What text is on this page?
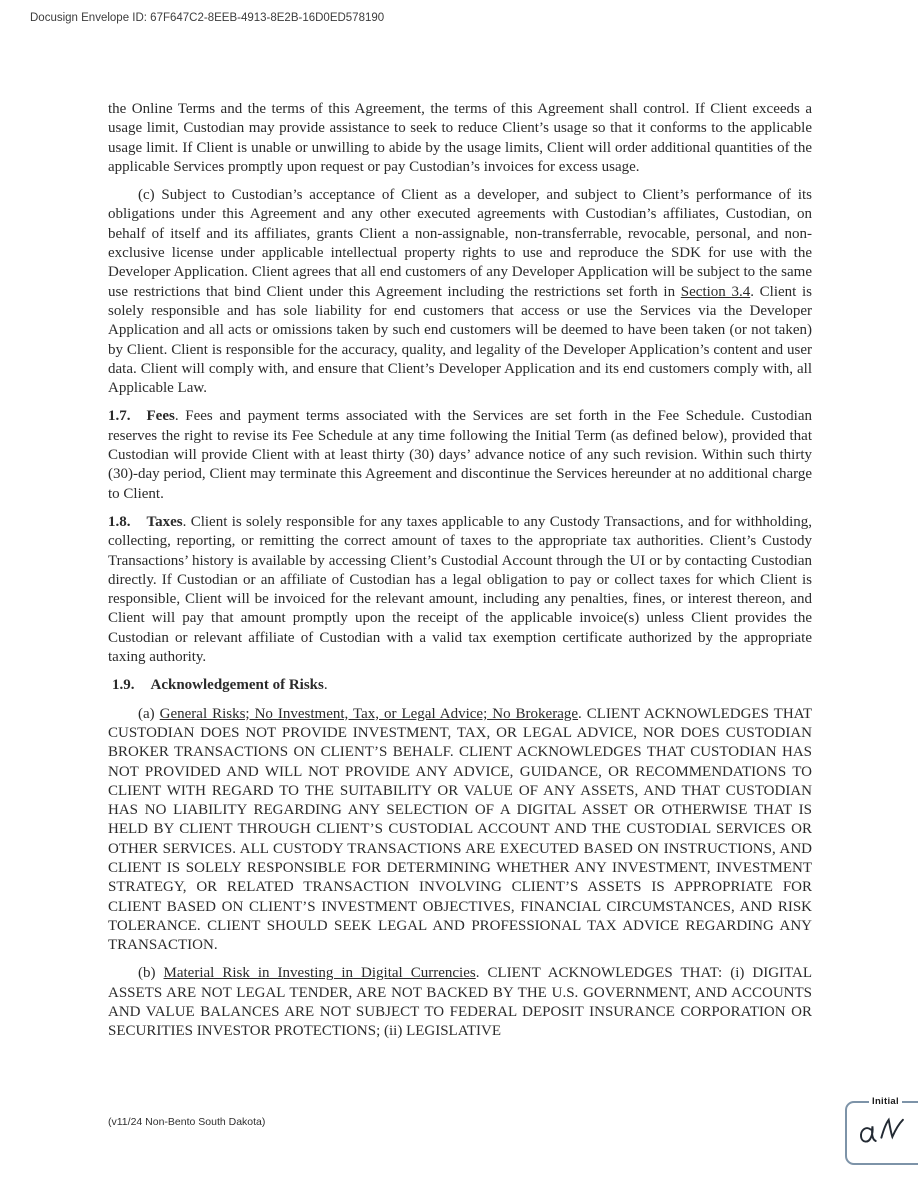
Docusign Envelope ID: 67F647C2-8EEB-4913-8E2B-16D0ED578190

the Online Terms and the terms of this Agreement, the terms of this Agreement shall control. If Client exceeds a usage limit, Custodian may provide assistance to seek to reduce Client’s usage so that it conforms to the applicable usage limit. If Client is unable or unwilling to abide by the usage limits, Client will order additional quantities of the applicable Services promptly upon request or pay Custodian’s invoices for excess usage.

(c) Subject to Custodian’s acceptance of Client as a developer, and subject to Client’s performance of its obligations under this Agreement and any other executed agreements with Custodian’s affiliates, Custodian, on behalf of itself and its affiliates, grants Client a non-assignable, non-transferrable, revocable, personal, and non-exclusive license under applicable intellectual property rights to use and reproduce the SDK for use with the Developer Application. Client agrees that all end customers of any Developer Application will be subject to the same use restrictions that bind Client under this Agreement including the restrictions set forth in Section 3.4. Client is solely responsible and has sole liability for end customers that access or use the Services via the Developer Application and all acts or omissions taken by such end customers will be deemed to have been taken (or not taken) by Client. Client is responsible for the accuracy, quality, and legality of the Developer Application’s content and user data. Client will comply with, and ensure that Client’s Developer Application and its end customers comply with, all Applicable Law.

1.7. Fees. Fees and payment terms associated with the Services are set forth in the Fee Schedule. Custodian reserves the right to revise its Fee Schedule at any time following the Initial Term (as defined below), provided that Custodian will provide Client with at least thirty (30) days’ advance notice of any such revision. Within such thirty (30)-day period, Client may terminate this Agreement and discontinue the Services hereunder at no additional charge to Client.

1.8. Taxes. Client is solely responsible for any taxes applicable to any Custody Transactions, and for withholding, collecting, reporting, or remitting the correct amount of taxes to the appropriate tax authorities. Client’s Custody Transactions’ history is available by accessing Client’s Custodial Account through the UI or by contacting Custodian directly. If Custodian or an affiliate of Custodian has a legal obligation to pay or collect taxes for which Client is responsible, Client will be invoiced for the relevant amount, including any penalties, fines, or interest thereon, and Client will pay that amount promptly upon the receipt of the applicable invoice(s) unless Client provides the Custodian or relevant affiliate of Custodian with a valid tax exemption certificate authorized by the appropriate taxing authority.

1.9. Acknowledgement of Risks.

(a) General Risks; No Investment, Tax, or Legal Advice; No Brokerage. CLIENT ACKNOWLEDGES THAT CUSTODIAN DOES NOT PROVIDE INVESTMENT, TAX, OR LEGAL ADVICE, NOR DOES CUSTODIAN BROKER TRANSACTIONS ON CLIENT’S BEHALF. CLIENT ACKNOWLEDGES THAT CUSTODIAN HAS NOT PROVIDED AND WILL NOT PROVIDE ANY ADVICE, GUIDANCE, OR RECOMMENDATIONS TO CLIENT WITH REGARD TO THE SUITABILITY OR VALUE OF ANY ASSETS, AND THAT CUSTODIAN HAS NO LIABILITY REGARDING ANY SELECTION OF A DIGITAL ASSET OR OTHERWISE THAT IS HELD BY CLIENT THROUGH CLIENT’S CUSTODIAL ACCOUNT AND THE CUSTODIAL SERVICES OR OTHER SERVICES. ALL CUSTODY TRANSACTIONS ARE EXECUTED BASED ON INSTRUCTIONS, AND CLIENT IS SOLELY RESPONSIBLE FOR DETERMINING WHETHER ANY INVESTMENT, INVESTMENT STRATEGY, OR RELATED TRANSACTION INVOLVING CLIENT’S ASSETS IS APPROPRIATE FOR CLIENT BASED ON CLIENT’S INVESTMENT OBJECTIVES, FINANCIAL CIRCUMSTANCES, AND RISK TOLERANCE. CLIENT SHOULD SEEK LEGAL AND PROFESSIONAL TAX ADVICE REGARDING ANY TRANSACTION.

(b) Material Risk in Investing in Digital Currencies. CLIENT ACKNOWLEDGES THAT: (i) DIGITAL ASSETS ARE NOT LEGAL TENDER, ARE NOT BACKED BY THE U.S. GOVERNMENT, AND ACCOUNTS AND VALUE BALANCES ARE NOT SUBJECT TO FEDERAL DEPOSIT INSURANCE CORPORATION OR SECURITIES INVESTOR PROTECTIONS; (ii) LEGISLATIVE

(v11/24 Non-Bento South Dakota)
Initial
